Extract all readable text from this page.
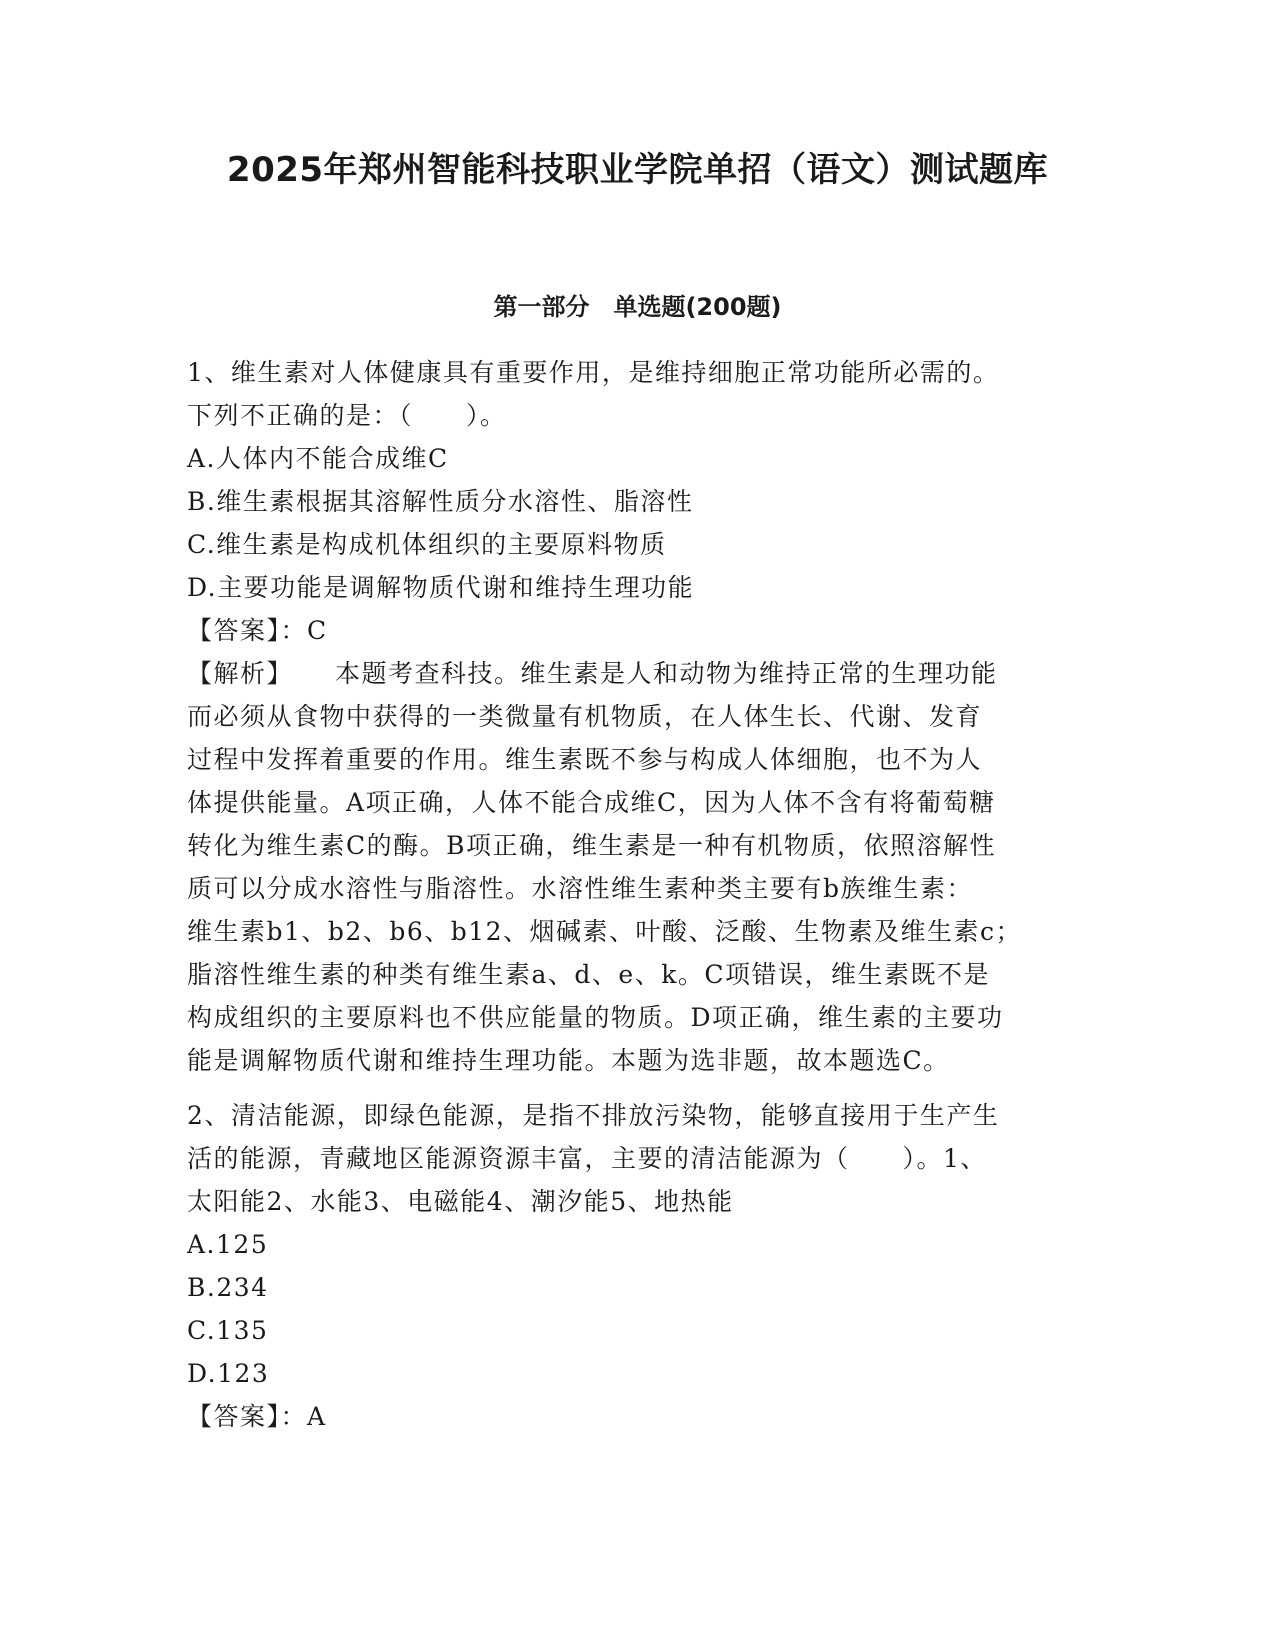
2025年郑州智能科技职业学院单招（语文）测试题库
第一部分　单选题(200题)
1、维生素对人体健康具有重要作用，是维持细胞正常功能所必需的。
下列不正确的是：（　　）。
A.人体内不能合成维C
B.维生素根据其溶解性质分水溶性、脂溶性
C.维生素是构成机体组织的主要原料物质
D.主要功能是调解物质代谢和维持生理功能
【答案】：C
【解析】 本题考查科技。维生素是人和动物为维持正常的生理功能
而必须从食物中获得的一类微量有机物质，在人体生长、代谢、发育
过程中发挥着重要的作用。维生素既不参与构成人体细胞，也不为人
体提供能量。A项正确，人体不能合成维C，因为人体不含有将葡萄糖
转化为维生素C的酶。B项正确，维生素是一种有机物质，依照溶解性
质可以分成水溶性与脂溶性。水溶性维生素种类主要有b族维生素：
维生素b1、b2、b6、b12、烟碱素、叶酸、泛酸、生物素及维生素c；
脂溶性维生素的种类有维生素a、d、e、k。C项错误，维生素既不是
构成组织的主要原料也不供应能量的物质。D项正确，维生素的主要功
能是调解物质代谢和维持生理功能。本题为选非题，故本题选C。
2、清洁能源，即绿色能源，是指不排放污染物，能够直接用于生产生
活的能源，青藏地区能源资源丰富，主要的清洁能源为（　　）。1、
太阳能2、水能3、电磁能4、潮汐能5、地热能
A.125
B.234
C.135
D.123
【答案】：A
